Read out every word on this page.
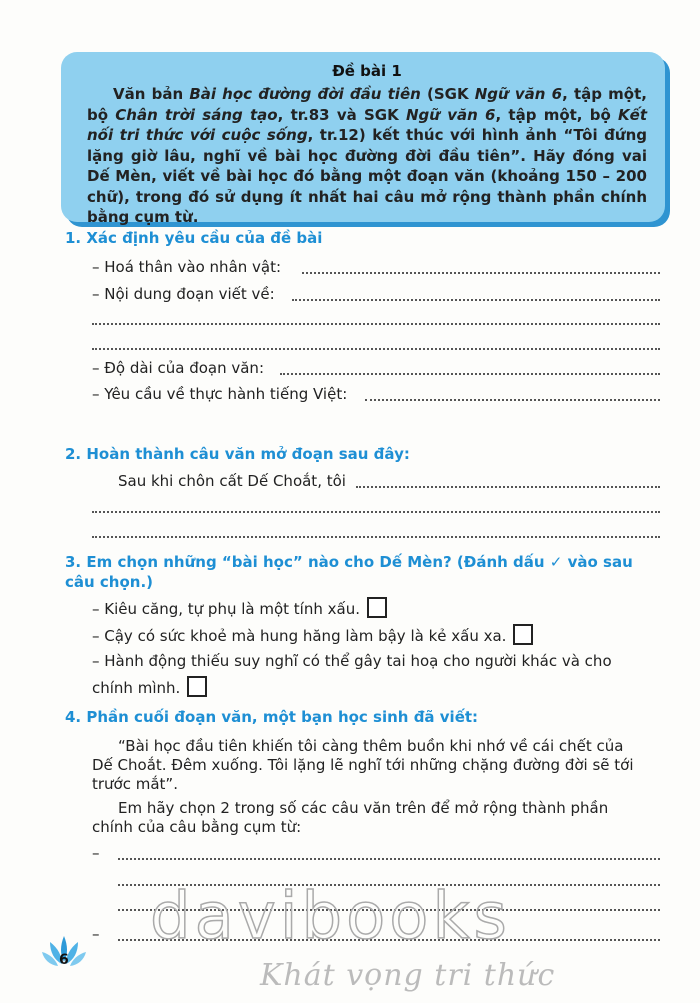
Đề bài 1
Văn bản Bài học đường đời đầu tiên (SGK Ngữ văn 6, tập một, bộ Chân trời sáng tạo, tr.83 và SGK Ngữ văn 6, tập một, bộ Kết nối tri thức với cuộc sống, tr.12) kết thúc với hình ảnh “Tôi đứng lặng giờ lâu, nghĩ về bài học đường đời đầu tiên”. Hãy đóng vai Dế Mèn, viết về bài học đó bằng một đoạn văn (khoảng 150 – 200 chữ), trong đó sử dụng ít nhất hai câu mở rộng thành phần chính bằng cụm từ.
1. Xác định yêu cầu của đề bài
– Hoá thân vào nhân vật:
– Nội dung đoạn viết về:
– Độ dài của đoạn văn:
– Yêu cầu về thực hành tiếng Việt:
2. Hoàn thành câu văn mở đoạn sau đây:
Sau khi chôn cất Dế Choắt, tôi
3. Em chọn những “bài học” nào cho Dế Mèn? (Đánh dấu ✓ vào sau
câu chọn.)
– Kiêu căng, tự phụ là một tính xấu.
– Cậy có sức khoẻ mà hung hăng làm bậy là kẻ xấu xa.
– Hành động thiếu suy nghĩ có thể gây tai hoạ cho người khác và cho
chính mình.
4. Phần cuối đoạn văn, một bạn học sinh đã viết:
“Bài học đầu tiên khiến tôi càng thêm buồn khi nhớ về cái chết của
Dế Choắt. Đêm xuống. Tôi lặng lẽ nghĩ tới những chặng đường đời sẽ tới
trước mắt”.
Em hãy chọn 2 trong số các câu văn trên để mở rộng thành phần
chính của câu bằng cụm từ:
–
–
6
davibooks
Khát vọng tri thức
